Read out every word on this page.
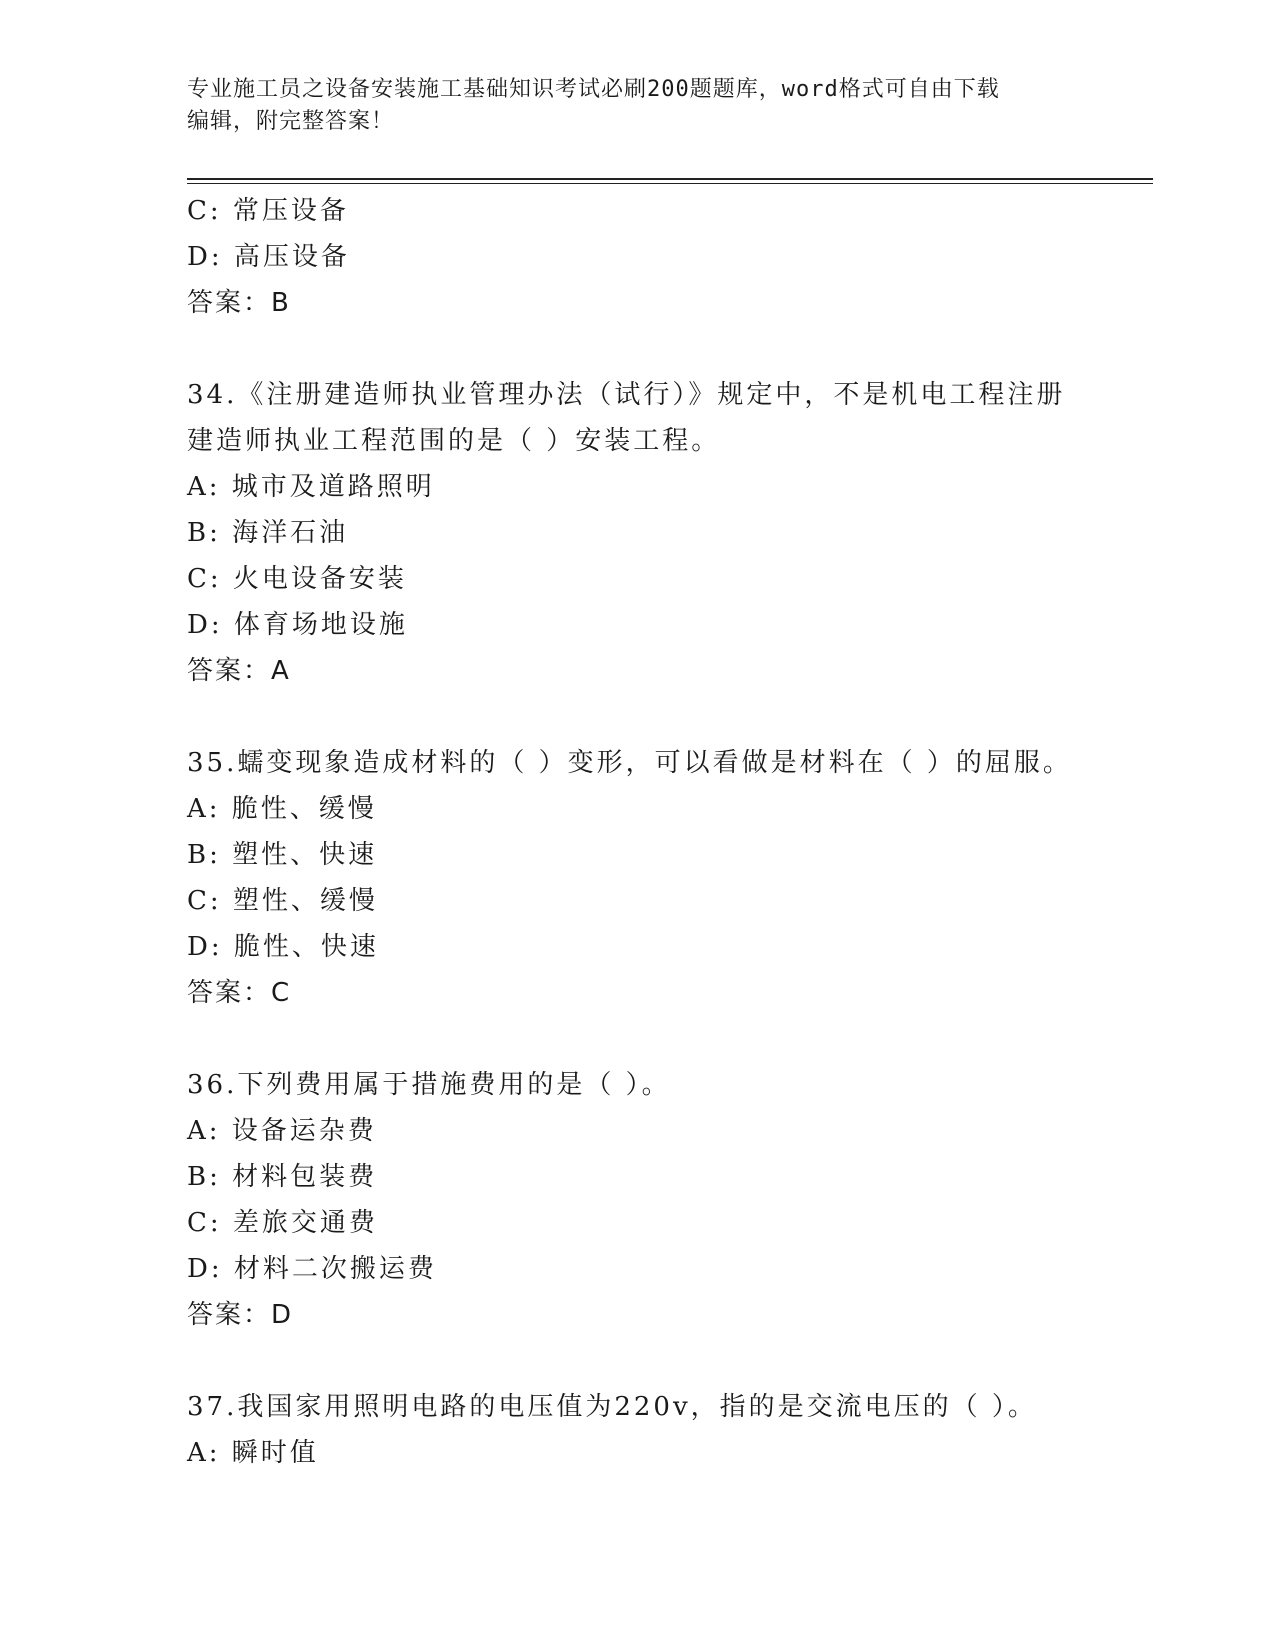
专业施工员之设备安装施工基础知识考试必刷200题题库，word格式可自由下载
编辑，附完整答案！
C: 常压设备
D: 高压设备
答案：B
34.《注册建造师执业管理办法（试行）》规定中，不是机电工程注册
建造师执业工程范围的是（ ）安装工程。
A: 城市及道路照明
B: 海洋石油
C: 火电设备安装
D: 体育场地设施
答案：A
35.蠕变现象造成材料的（ ）变形，可以看做是材料在（ ）的屈服。
A: 脆性、缓慢
B: 塑性、快速
C: 塑性、缓慢
D: 脆性、快速
答案：C
36.下列费用属于措施费用的是（ ）。
A: 设备运杂费
B: 材料包装费
C: 差旅交通费
D: 材料二次搬运费
答案：D
37.我国家用照明电路的电压值为220v，指的是交流电压的（ ）。
A: 瞬时值
